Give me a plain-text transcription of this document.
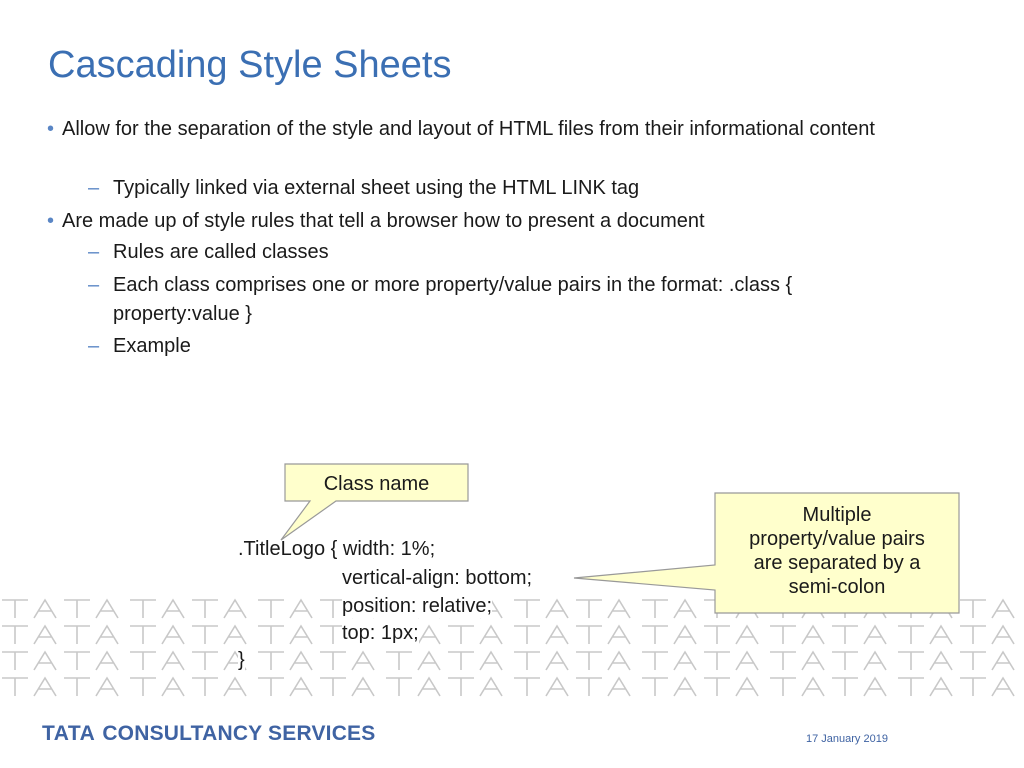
Cascading Style Sheets
• Allow for the separation of the style and layout of HTML files from their informational content
– Typically linked via external sheet using the HTML LINK tag
• Are made up of style rules that tell a browser how to present a document
– Rules are called classes
– Each class comprises one or more property/value pairs in the format: .class { property:value }
– Example
.TitleLogo { width: 1%;
vertical-align: bottom;
position: relative;
top: 1px;
}
Class name
Multiple
property/value pairs
are separated by a
semi-colon
TATA CONSULTANCY SERVICES	17 January 2019
